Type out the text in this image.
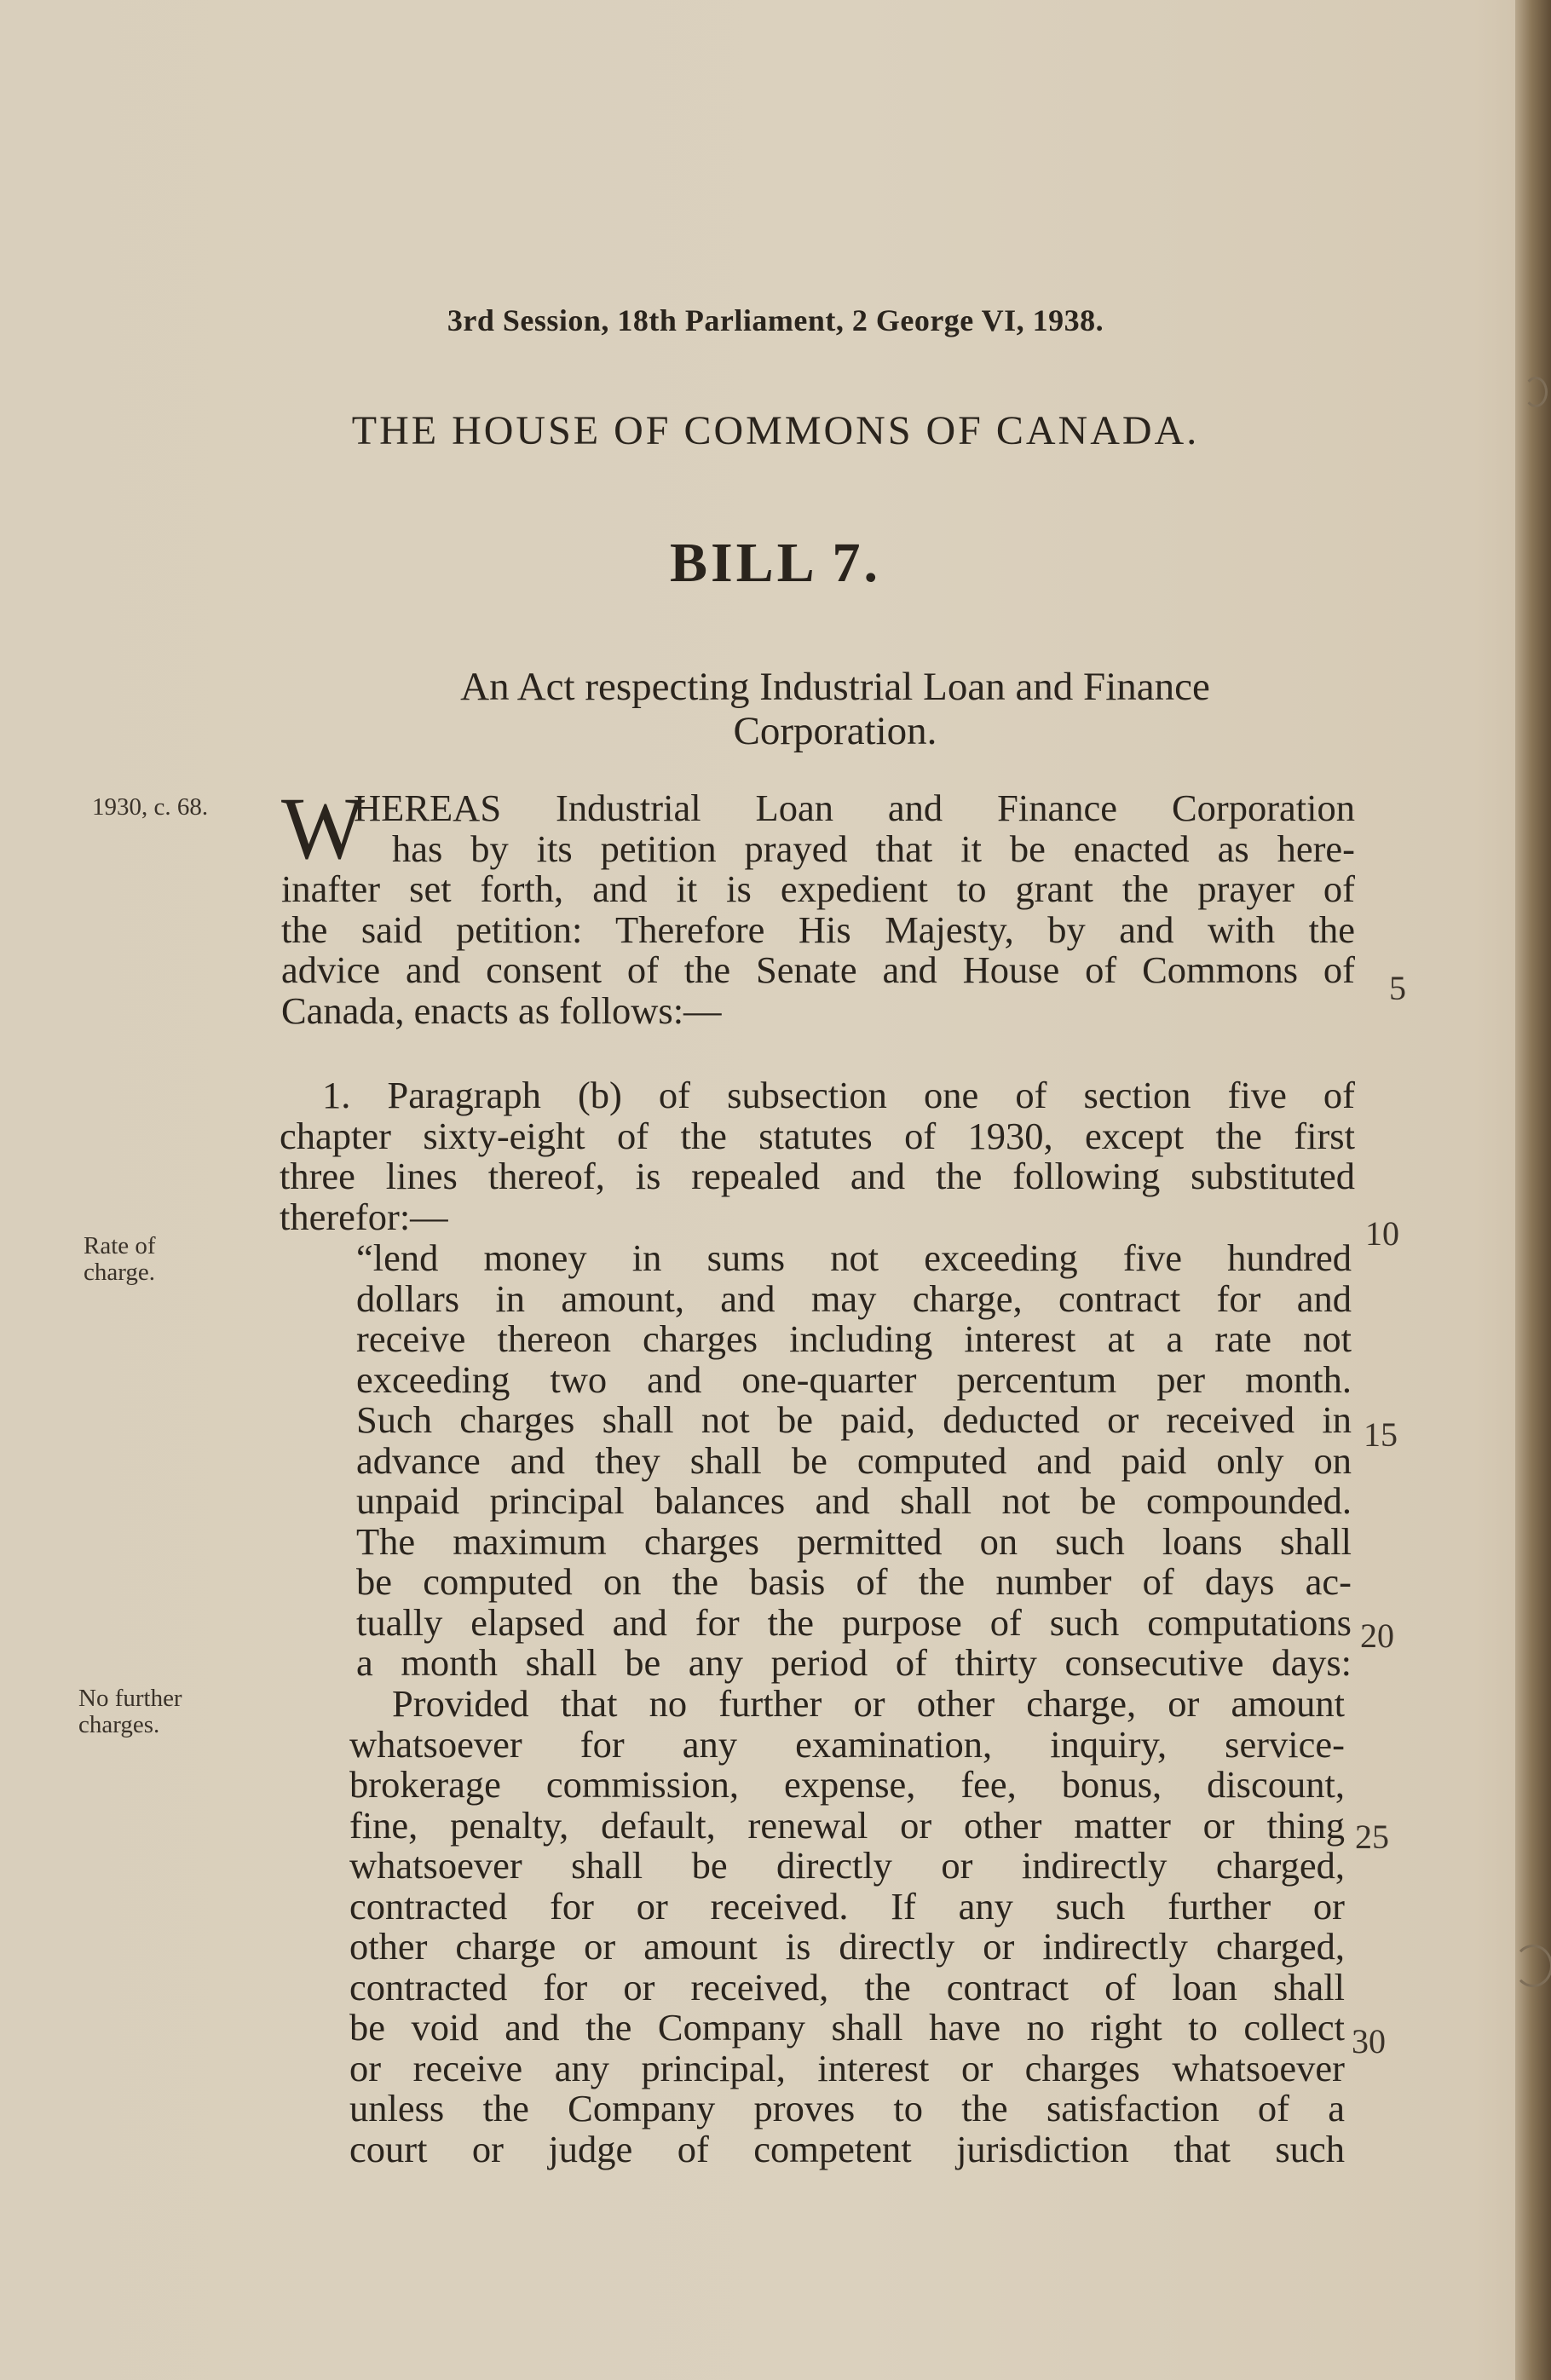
3rd Session, 18th Parliament, 2 George VI, 1938.
THE HOUSE OF COMMONS OF CANADA.
BILL 7.
An Act respecting Industrial Loan and Finance
Corporation.
1930, c. 68.
Rate of
charge.
No further
charges.
W
HEREAS Industrial Loan and Finance Corporation
has by its petition prayed that it be enacted as here-
inafter set forth, and it is expedient to grant the prayer of
the said petition: Therefore His Majesty, by and with the
advice and consent of the Senate and House of Commons of
Canada, enacts as follows:—
1. Paragraph (b) of subsection one of section five of
chapter sixty-eight of the statutes of 1930, except the first
three lines thereof, is repealed and the following substituted
therefor:—
“lend money in sums not exceeding five hundred
dollars in amount, and may charge, contract for and
receive thereon charges including interest at a rate not
exceeding two and one-quarter percentum per month.
Such charges shall not be paid, deducted or received in
advance and they shall be computed and paid only on
unpaid principal balances and shall not be compounded.
The maximum charges permitted on such loans shall
be computed on the basis of the number of days ac-
tually elapsed and for the purpose of such computations
a month shall be any period of thirty consecutive days:
Provided that no further or other charge, or amount
whatsoever for any examination, inquiry, service-
brokerage commission, expense, fee, bonus, discount,
fine, penalty, default, renewal or other matter or thing
whatsoever shall be directly or indirectly charged,
contracted for or received. If any such further or
other charge or amount is directly or indirectly charged,
contracted for or received, the contract of loan shall
be void and the Company shall have no right to collect
or receive any principal, interest or charges whatsoever
unless the Company proves to the satisfaction of a
court or judge of competent jurisdiction that such
5
10
15
20
25
30
